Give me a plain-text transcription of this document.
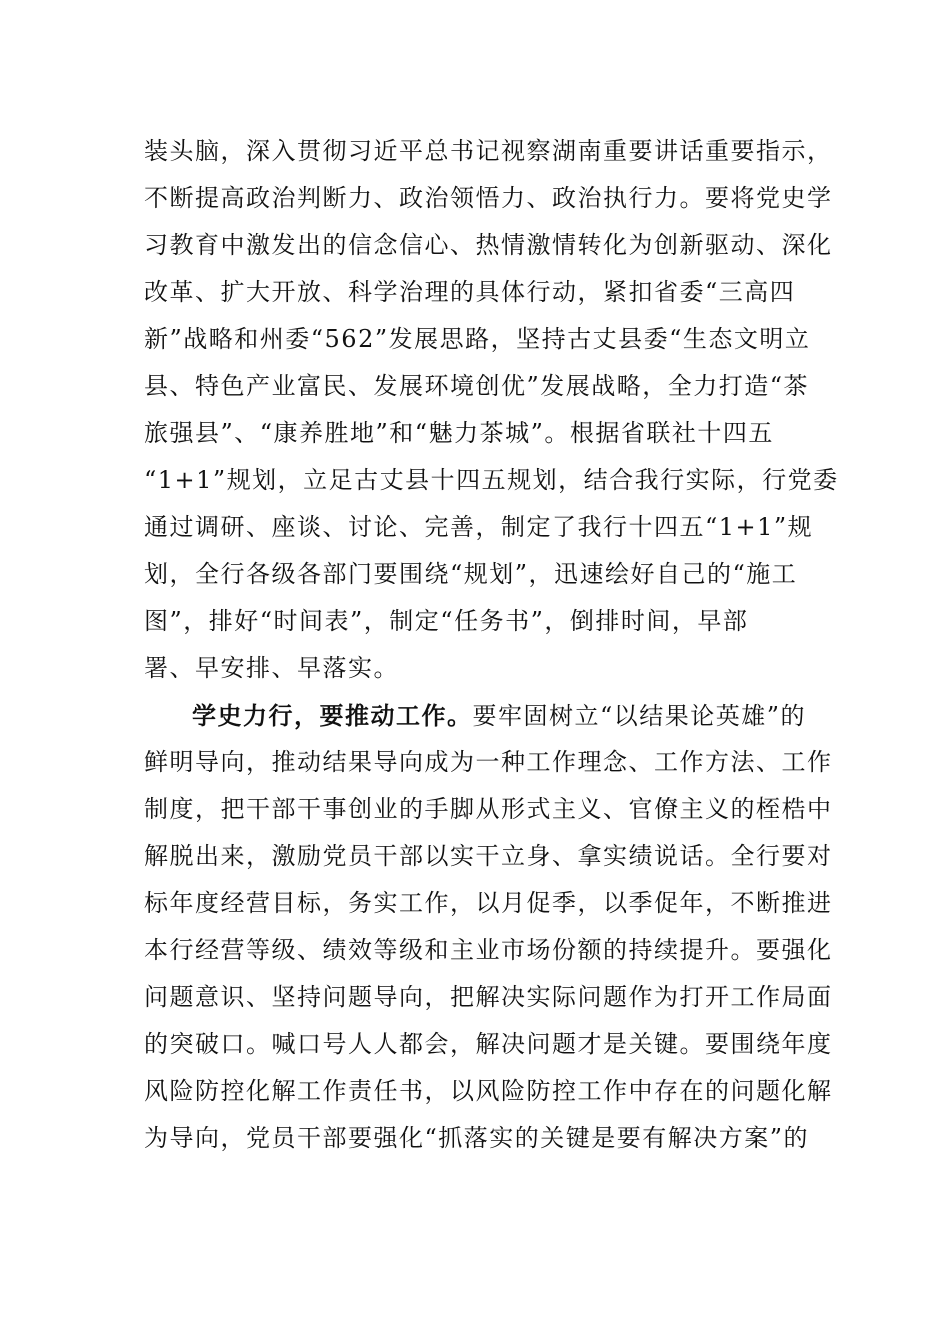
装头脑，深入贯彻习近平总书记视察湖南重要讲话重要指示，
不断提高政治判断力、政治领悟力、政治执行力。要将党史学
习教育中激发出的信念信心、热情激情转化为创新驱动、深化
改革、扩大开放、科学治理的具体行动，紧扣省委“三高四
新”战略和州委“562”发展思路，坚持古丈县委“生态文明立
县、特色产业富民、发展环境创优”发展战略，全力打造“茶
旅强县”、“康养胜地”和“魅力茶城”。根据省联社十四五
“1+1”规划，立足古丈县十四五规划，结合我行实际，行党委
通过调研、座谈、讨论、完善，制定了我行十四五“1+1”规
划，全行各级各部门要围绕“规划”，迅速绘好自己的“施工
图”，排好“时间表”，制定“任务书”，倒排时间，早部
署、早安排、早落实。
学史力行，要推动工作。要牢固树立“以结果论英雄”的
鲜明导向，推动结果导向成为一种工作理念、工作方法、工作
制度，把干部干事创业的手脚从形式主义、官僚主义的桎梏中
解脱出来，激励党员干部以实干立身、拿实绩说话。全行要对
标年度经营目标，务实工作，以月促季，以季促年，不断推进
本行经营等级、绩效等级和主业市场份额的持续提升。要强化
问题意识、坚持问题导向，把解决实际问题作为打开工作局面
的突破口。喊口号人人都会，解决问题才是关键。要围绕年度
风险防控化解工作责任书，以风险防控工作中存在的问题化解
为导向，党员干部要强化“抓落实的关键是要有解决方案”的
